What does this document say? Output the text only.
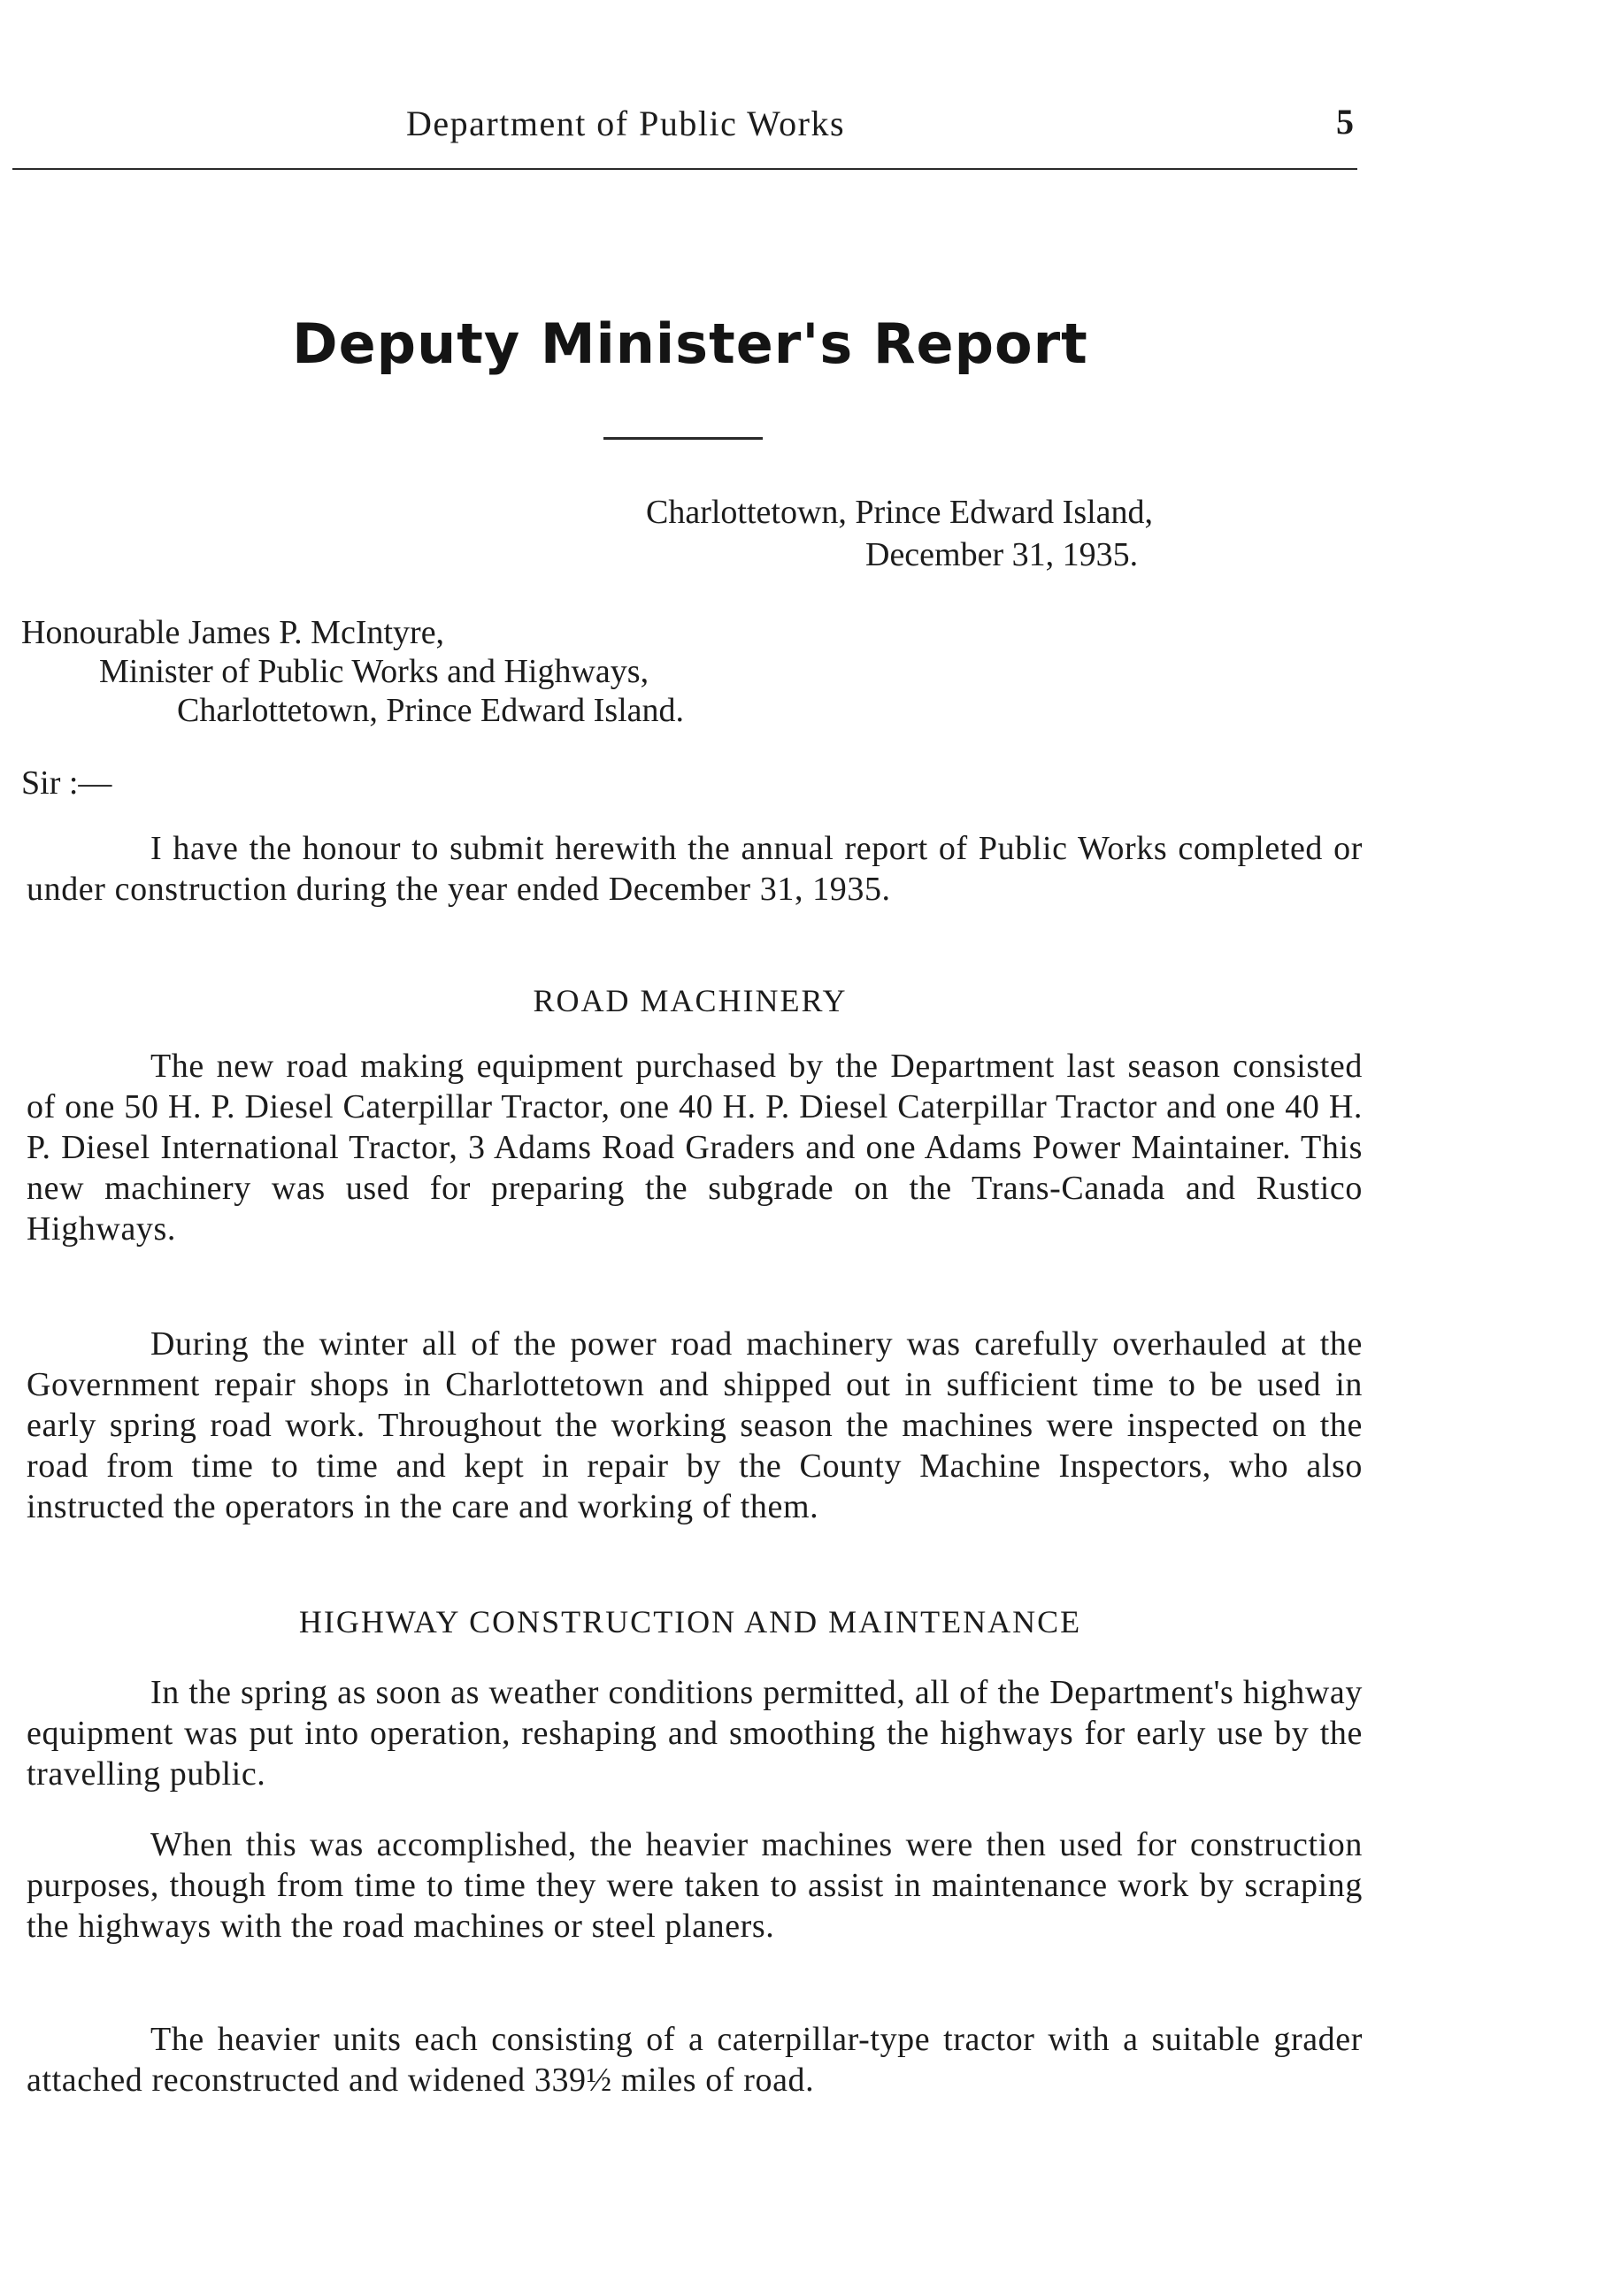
Department of Public Works	5
Deputy Minister's Report
Charlottetown, Prince Edward Island,
December 31, 1935.
Honourable James P. McIntyre,
Minister of Public Works and Highways,
Charlottetown, Prince Edward Island.
Sir :—

I have the honour to submit herewith the annual report of Public Works completed or under construction during the year ended December 31, 1935.

ROAD MACHINERY

The new road making equipment purchased by the Department last season consisted of one 50 H. P. Diesel Caterpillar Tractor, one 40 H. P. Diesel Caterpillar Tractor and one 40 H. P. Diesel International Tractor, 3 Adams Road Graders and one Adams Power Maintainer. This new machinery was used for preparing the subgrade on the Trans-Canada and Rustico Highways.

During the winter all of the power road machinery was carefully overhauled at the Government repair shops in Charlottetown and shipped out in sufficient time to be used in early spring road work. Throughout the working season the machines were inspected on the road from time to time and kept in repair by the County Machine Inspectors, who also instructed the operators in the care and working of them.

HIGHWAY CONSTRUCTION AND MAINTENANCE

In the spring as soon as weather conditions permitted, all of the Department's highway equipment was put into operation, reshaping and smoothing the highways for early use by the travelling public.

When this was accomplished, the heavier machines were then used for construction purposes, though from time to time they were taken to assist in maintenance work by scraping the highways with the road machines or steel planers.

The heavier units each consisting of a caterpillar-type tractor with a suitable grader attached reconstructed and widened 339½ miles of road.
